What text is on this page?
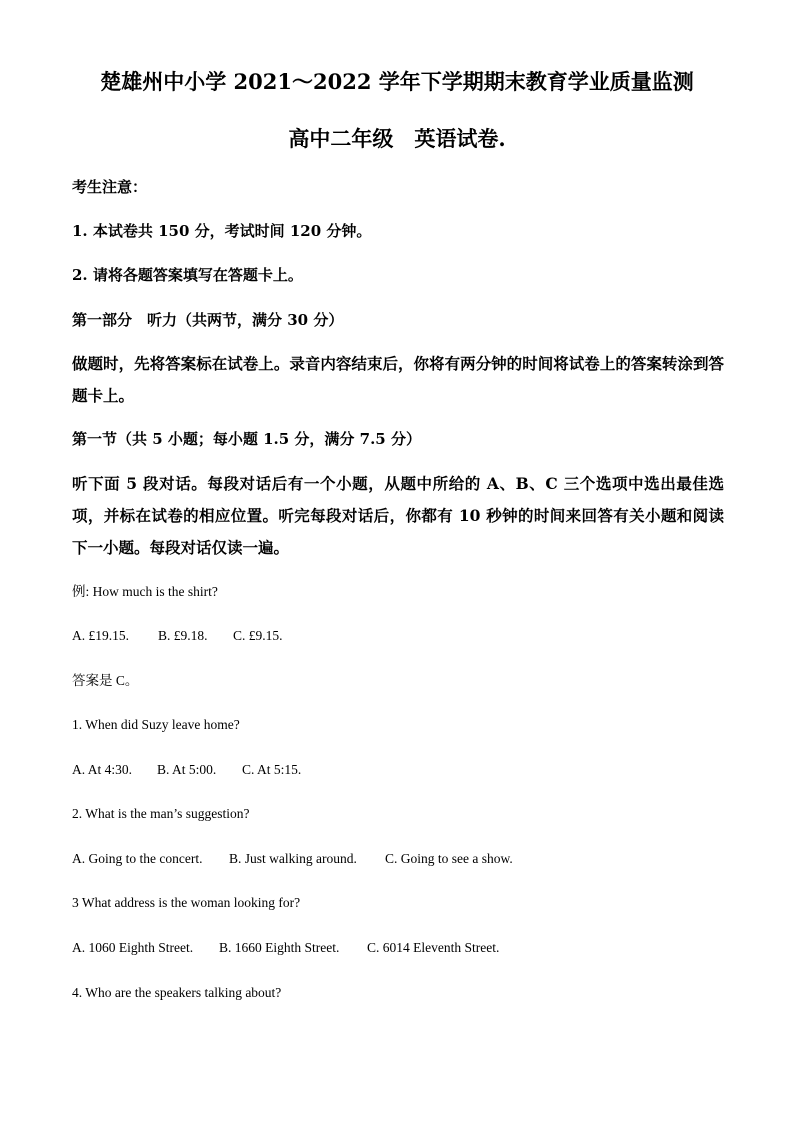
楚雄州中小学 2021～2022 学年下学期期末教育学业质量监测
高中二年级　英语试卷.
考生注意：
1. 本试卷共 150 分，考试时间 120 分钟。
2. 请将各题答案填写在答题卡上。
第一部分　听力（共两节，满分 30 分）
做题时，先将答案标在试卷上。录音内容结束后，你将有两分钟的时间将试卷上的答案转涂到答题卡上。
第一节（共 5 小题；每小题 1.5 分，满分 7.5 分）
听下面 5 段对话。每段对话后有一个小题，从题中所给的 A、B、C 三个选项中选出最佳选项，并标在试卷的相应位置。听完每段对话后，你都有 10 秒钟的时间来回答有关小题和阅读下一小题。每段对话仅读一遍。
例: How much is the shirt?
A. £19.15. B. £9.18. C. £9.15.
答案是 C。
1. When did Suzy leave home?
A. At 4:30. B. At 5:00. C. At 5:15.
2. What is the man’s suggestion?
A. Going to the concert. B. Just walking around. C. Going to see a show.
3 What address is the woman looking for?
A. 1060 Eighth Street. B. 1660 Eighth Street. C. 6014 Eleventh Street.
4. Who are the speakers talking about?
